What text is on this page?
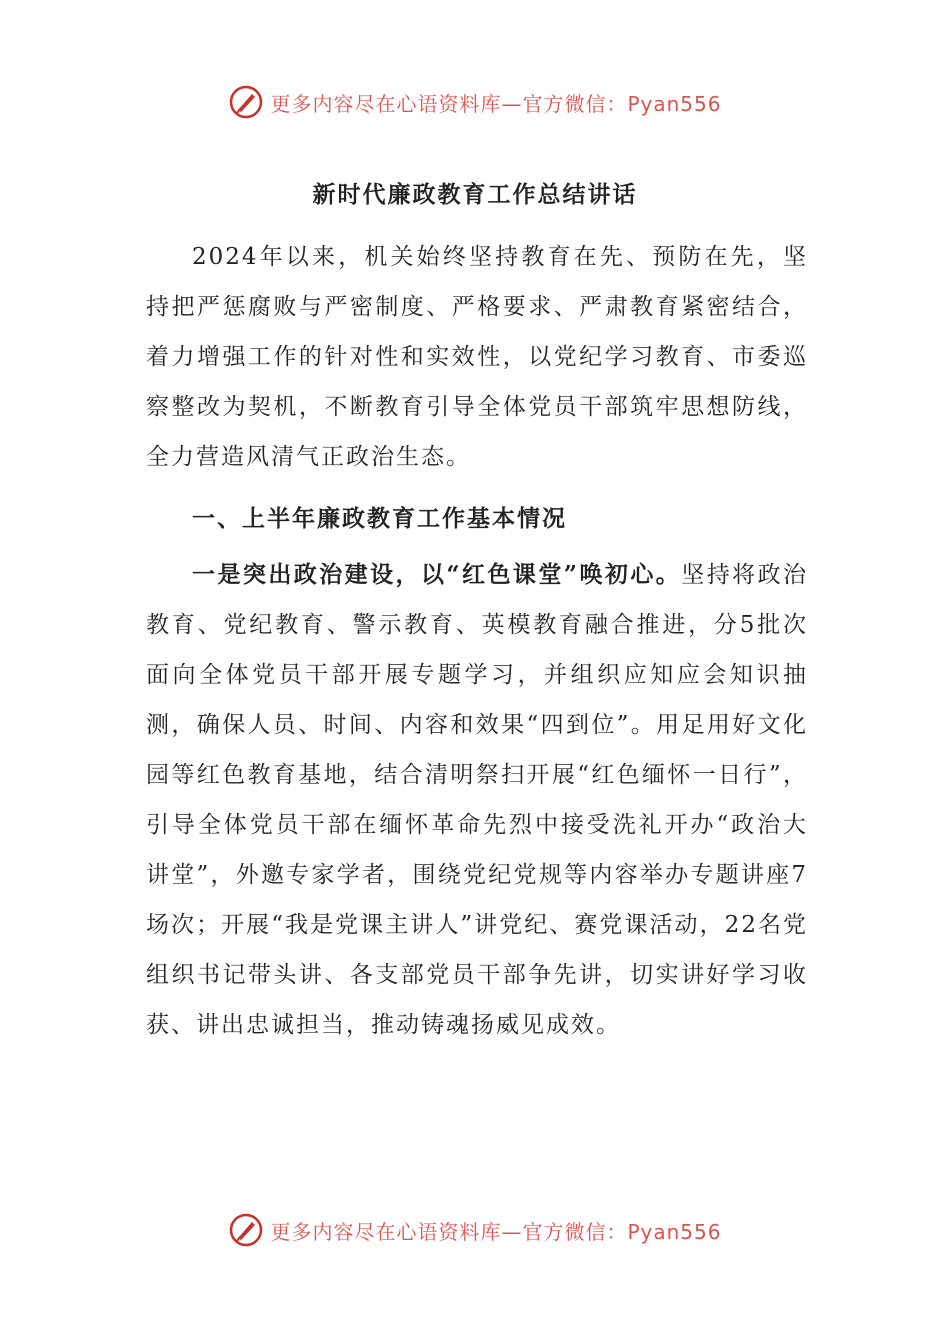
更多内容尽在心语资料库—官方微信：Pyan556
新时代廉政教育工作总结讲话

2024年以来，机关始终坚持教育在先、预防在先，坚持把严惩腐败与严密制度、严格要求、严肃教育紧密结合，着力增强工作的针对性和实效性，以党纪学习教育、市委巡察整改为契机，不断教育引导全体党员干部筑牢思想防线，全力营造风清气正政治生态。

一、上半年廉政教育工作基本情况

一是突出政治建设，以“红色课堂”唤初心。坚持将政治教育、党纪教育、警示教育、英模教育融合推进，分5批次面向全体党员干部开展专题学习，并组织应知应会知识抽测，确保人员、时间、内容和效果“四到位”。用足用好文化园等红色教育基地，结合清明祭扫开展“红色缅怀一日行”，引导全体党员干部在缅怀革命先烈中接受洗礼开办“政治大讲堂”，外邀专家学者，围绕党纪党规等内容举办专题讲座7场次；开展“我是党课主讲人”讲党纪、赛党课活动，22名党组织书记带头讲、各支部党员干部争先讲，切实讲好学习收获、讲出忠诚担当，推动铸魂扬威见成效。

更多内容尽在心语资料库—官方微信：Pyan556
